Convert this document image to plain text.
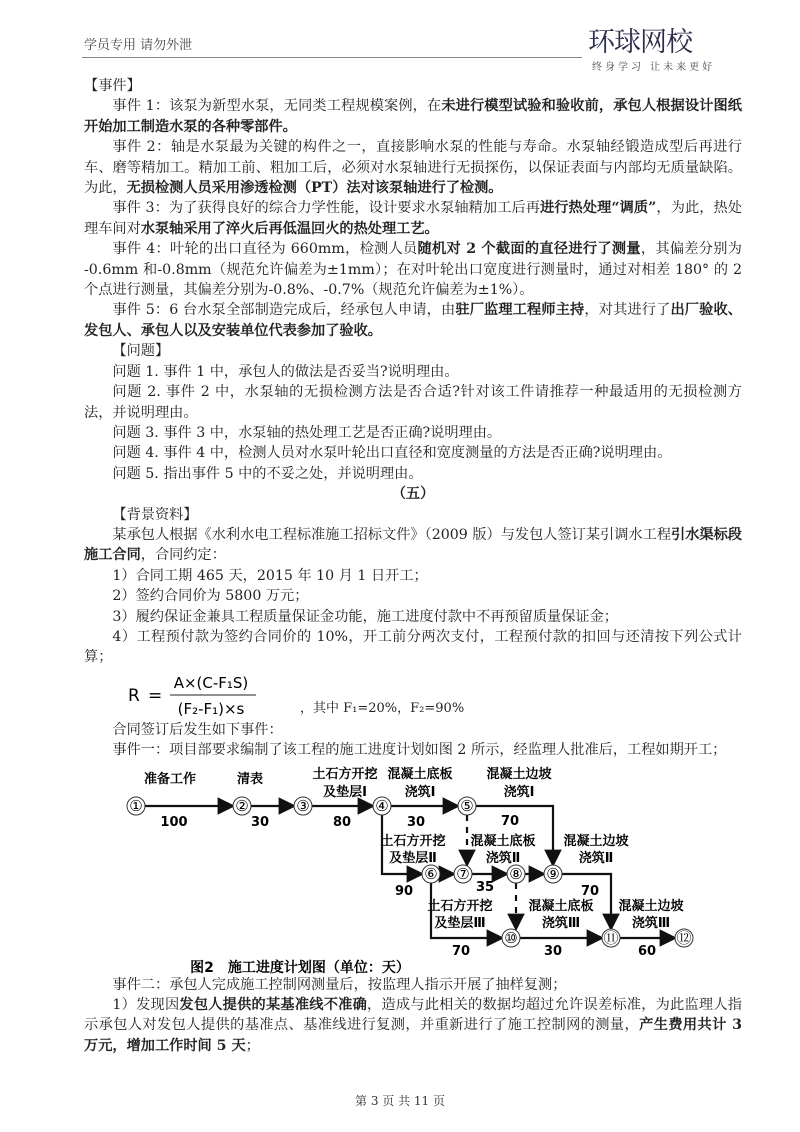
学员专用 请勿外泄	环球网校
终身学习 让未来更好

【事件】

事件 1：该泵为新型水泵，无同类工程规模案例，在未进行模型试验和验收前，承包人根据设计图纸开始加工制造水泵的各种零部件。

事件 2：轴是水泵最为关键的构件之一，直接影响水泵的性能与寿命。水泵轴经锻造成型后再进行车、磨等精加工。精加工前、粗加工后，必须对水泵轴进行无损探伤，以保证表面与内部均无质量缺陷。为此，无损检测人员采用渗透检测（PT）法对该泵轴进行了检测。

事件 3：为了获得良好的综合力学性能，设计要求水泵轴精加工后再进行热处理“调质”，为此，热处理车间对水泵轴采用了淬火后再低温回火的热处理工艺。

事件 4：叶轮的出口直径为 660mm，检测人员随机对 2 个截面的直径进行了测量，其偏差分别为 -0.6mm 和-0.8mm（规范允许偏差为±1mm）；在对叶轮出口宽度进行测量时，通过对相差 180° 的 2 个点进行测量，其偏差分别为-0.8%、-0.7%（规范允许偏差为±1%）。

事件 5：6 台水泵全部制造完成后，经承包人申请，由驻厂监理工程师主持，对其进行了出厂验收、发包人、承包人以及安装单位代表参加了验收。

【问题】

问题 1. 事件 1 中，承包人的做法是否妥当?说明理由。

问题 2. 事件 2 中，水泵轴的无损检测方法是否合适?针对该工件请推荐一种最适用的无损检测方法，并说明理由。

问题 3. 事件 3 中，水泵轴的热处理工艺是否正确?说明理由。

问题 4. 事件 4 中，检测人员对水泵叶轮出口直径和宽度测量的方法是否正确?说明理由。

问题 5. 指出事件 5 中的不妥之处，并说明理由。

（五）

【背景资料】

某承包人根据《水利水电工程标准施工招标文件》（2009 版）与发包人签订某引调水工程引水渠标段施工合同，合同约定：

1）合同工期 465 天，2015 年 10 月 1 日开工；

2）签约合同价为 5800 万元；

3）履约保证金兼具工程质量保证金功能，施工进度付款中不再预留质量保证金；

4）工程预付款为签约合同价的 10%，开工前分两次支付，工程预付款的扣回与还清按下列公式计算；

R =
A×(C-F₁S)
(F₂-F₁)×s	，其中 F₁=20%，F₂=90%

合同签订后发生如下事件：

事件一：项目部要求编制了该工程的施工进度计划如图 2 所示，经监理人批准后，工程如期开工；

①	②	③	④	⑤
⑥ ⑦	⑧ ⑨
⑩	⑪	⑫
准备工作
100
清表
30
土石方开挖
及垫层Ⅰ
80
混凝土底板
浇筑Ⅰ
30
混凝土边坡
浇筑Ⅰ
70
土石方开挖
及垫层Ⅱ
90
混凝土底板
浇筑Ⅱ
35
混凝土边坡
浇筑Ⅱ
70
土石方开挖
及垫层Ⅲ
70
混凝土底板
浇筑Ⅲ
30
混凝土边坡
浇筑Ⅲ
60
图2　施工进度计划图（单位：天）

事件二：承包人完成施工控制网测量后，按监理人指示开展了抽样复测；

1）发现因发包人提供的某基准线不准确，造成与此相关的数据均超过允许误差标准，为此监理人指示承包人对发包人提供的基准点、基准线进行复测，并重新进行了施工控制网的测量，产生费用共计 3 万元，增加工作时间 5 天；

第 3 页 共 11 页
